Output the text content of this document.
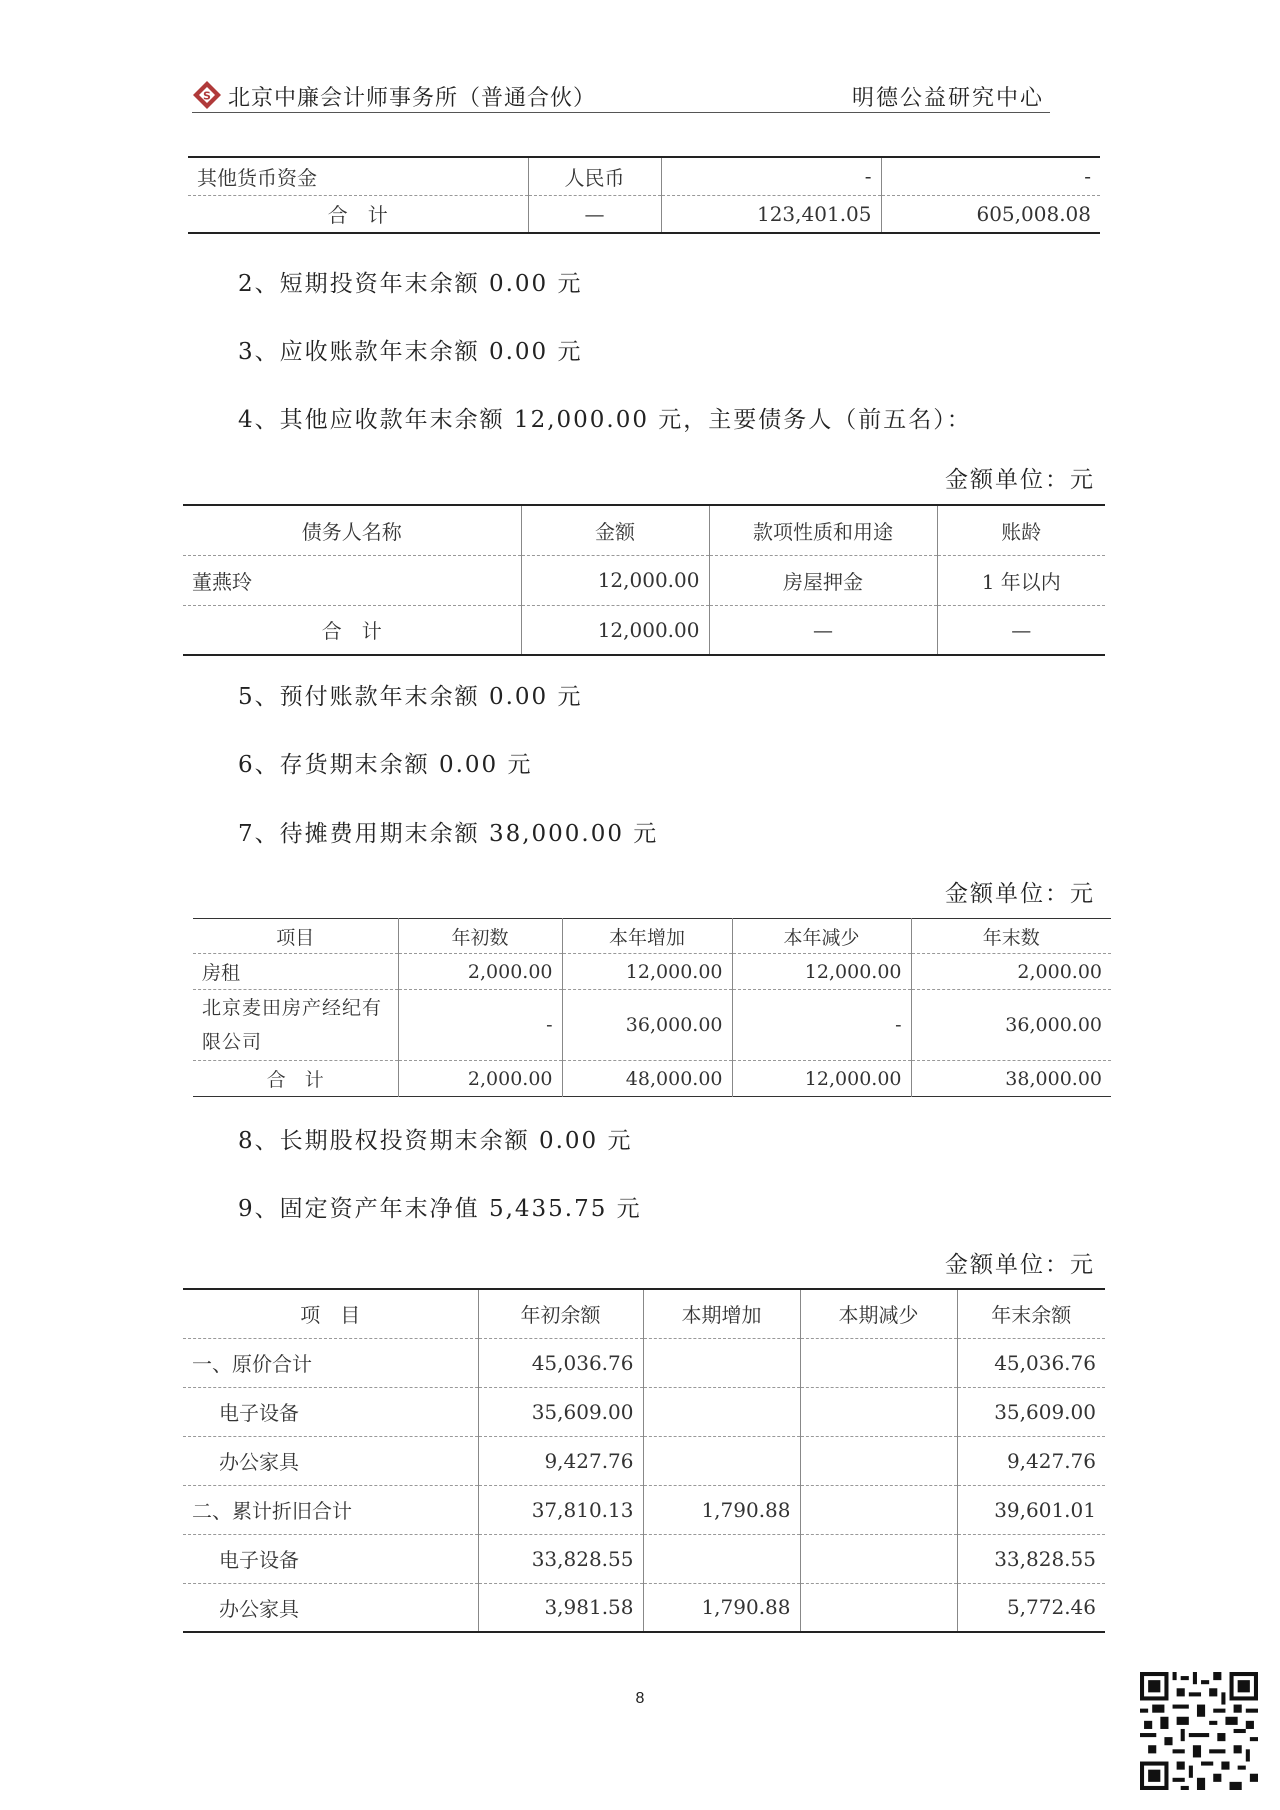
S 北京中廉会计师事务所（普通合伙）	明德公益研究中心
其他货币资金	人民币	-	-
合　计	—	123,401.05	605,008.08
2、短期投资年末余额 0.00 元
3、应收账款年末余额 0.00 元
4、其他应收款年末余额 12,000.00 元，主要债务人（前五名）：
金额单位：元
债务人名称	金额	款项性质和用途	账龄
董燕玲	12,000.00	房屋押金	1 年以内
合　计	12,000.00	—	—
5、预付账款年末余额 0.00 元
6、存货期末余额 0.00 元
7、待摊费用期末余额 38,000.00 元
金额单位：元
项目	年初数	本年增加	本年减少	年末数
房租	2,000.00	12,000.00	12,000.00	2,000.00
北京麦田房产经纪有限公司	-	36,000.00	-	36,000.00
合　计	2,000.00	48,000.00	12,000.00	38,000.00
8、长期股权投资期末余额 0.00 元
9、固定资产年末净值 5,435.75 元
金额单位：元
项　目	年初余额	本期增加	本期减少	年末余额
一、原价合计	45,036.76			45,036.76
电子设备	35,609.00			35,609.00
办公家具	9,427.76			9,427.76
二、累计折旧合计	37,810.13	1,790.88		39,601.01
电子设备	33,828.55			33,828.55
办公家具	3,981.58	1,790.88		5,772.46
8
